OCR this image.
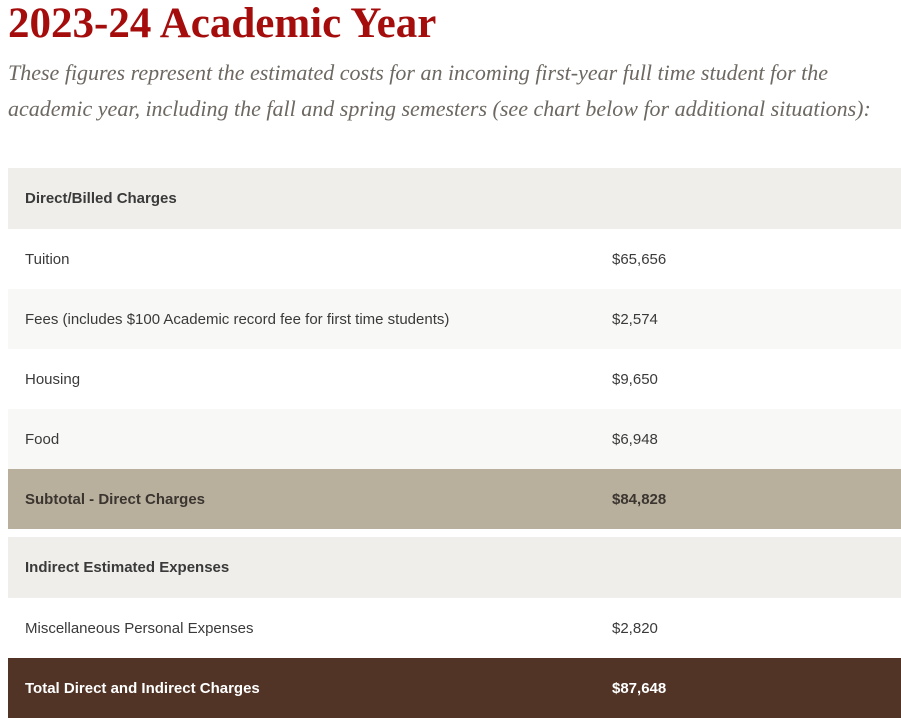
2023-24 Academic Year

These figures represent the estimated costs for an incoming first-year full time student for the
academic year, including the fall and spring semesters (see chart below for additional situations):

Direct/Billed Charges
Tuition	$65,656
Fees (includes $100 Academic record fee for first time students)	$2,574
Housing	$9,650
Food	$6,948
Subtotal - Direct Charges	$84,828
Indirect Estimated Expenses
Miscellaneous Personal Expenses	$2,820
Total Direct and Indirect Charges	$87,648
